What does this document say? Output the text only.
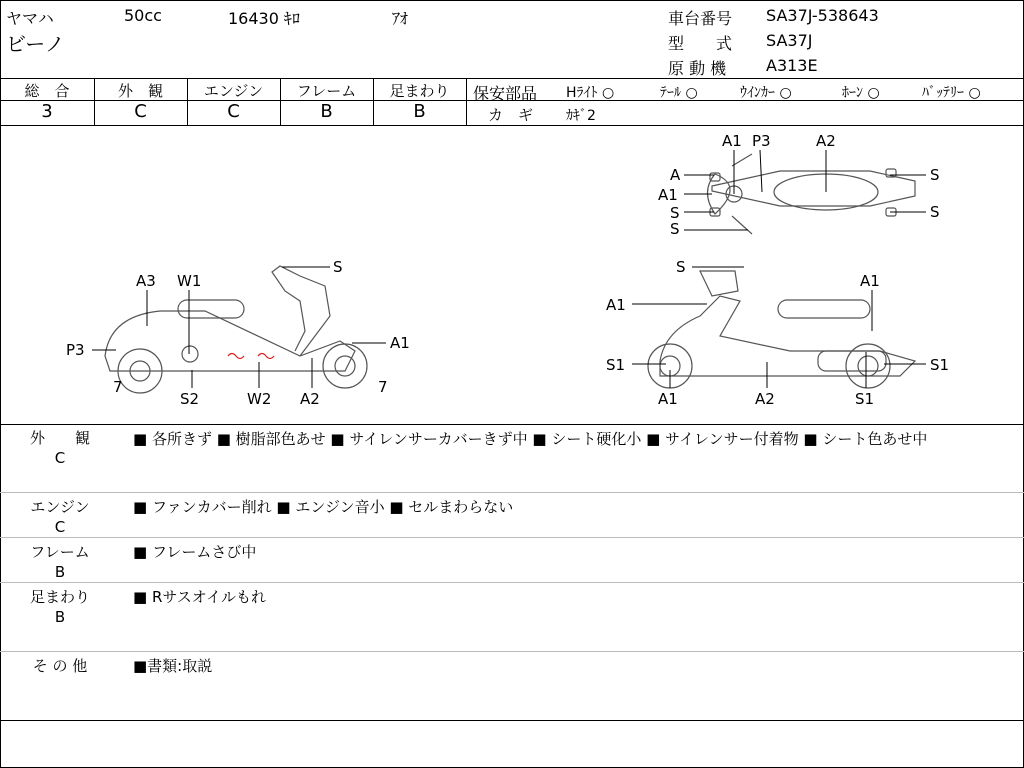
ヤマハ	50cc	16430 ｷﾛ	ｱｵ
ビーノ
車台番号 SA37J-538643
型　　式 SA37J
原 動 機 A313E
総　合	外　観	エンジン	フレーム	足まわり
3	C	C	B	B
保安部品 Hﾗｲﾄ ○	ﾃｰﾙ ○	ｳｲﾝｶｰ ○	ﾎｰﾝ ○	ﾊﾞｯﾃﾘｰ ○
カ　ギ ｶｷﾞ2
A1 P3	A2
A
A1
S
S
S
S
A3 W1
S
A1
P3
7
S2	W2 A2
7
S
A1
A1
S1	S1
A1	A2	S1
外　　観
C
■ 各所きず ■ 樹脂部色あせ ■ サイレンサーカバーきず中 ■ シート硬化小 ■ サイレンサー付着物 ■ シート色あせ中
エンジン
C
■ ファンカバー削れ ■ エンジン音小 ■ セルまわらない
フレーム
B
■ フレームさび中
足まわり
B
■ Rサスオイルもれ
そ の 他	■書類:取説
